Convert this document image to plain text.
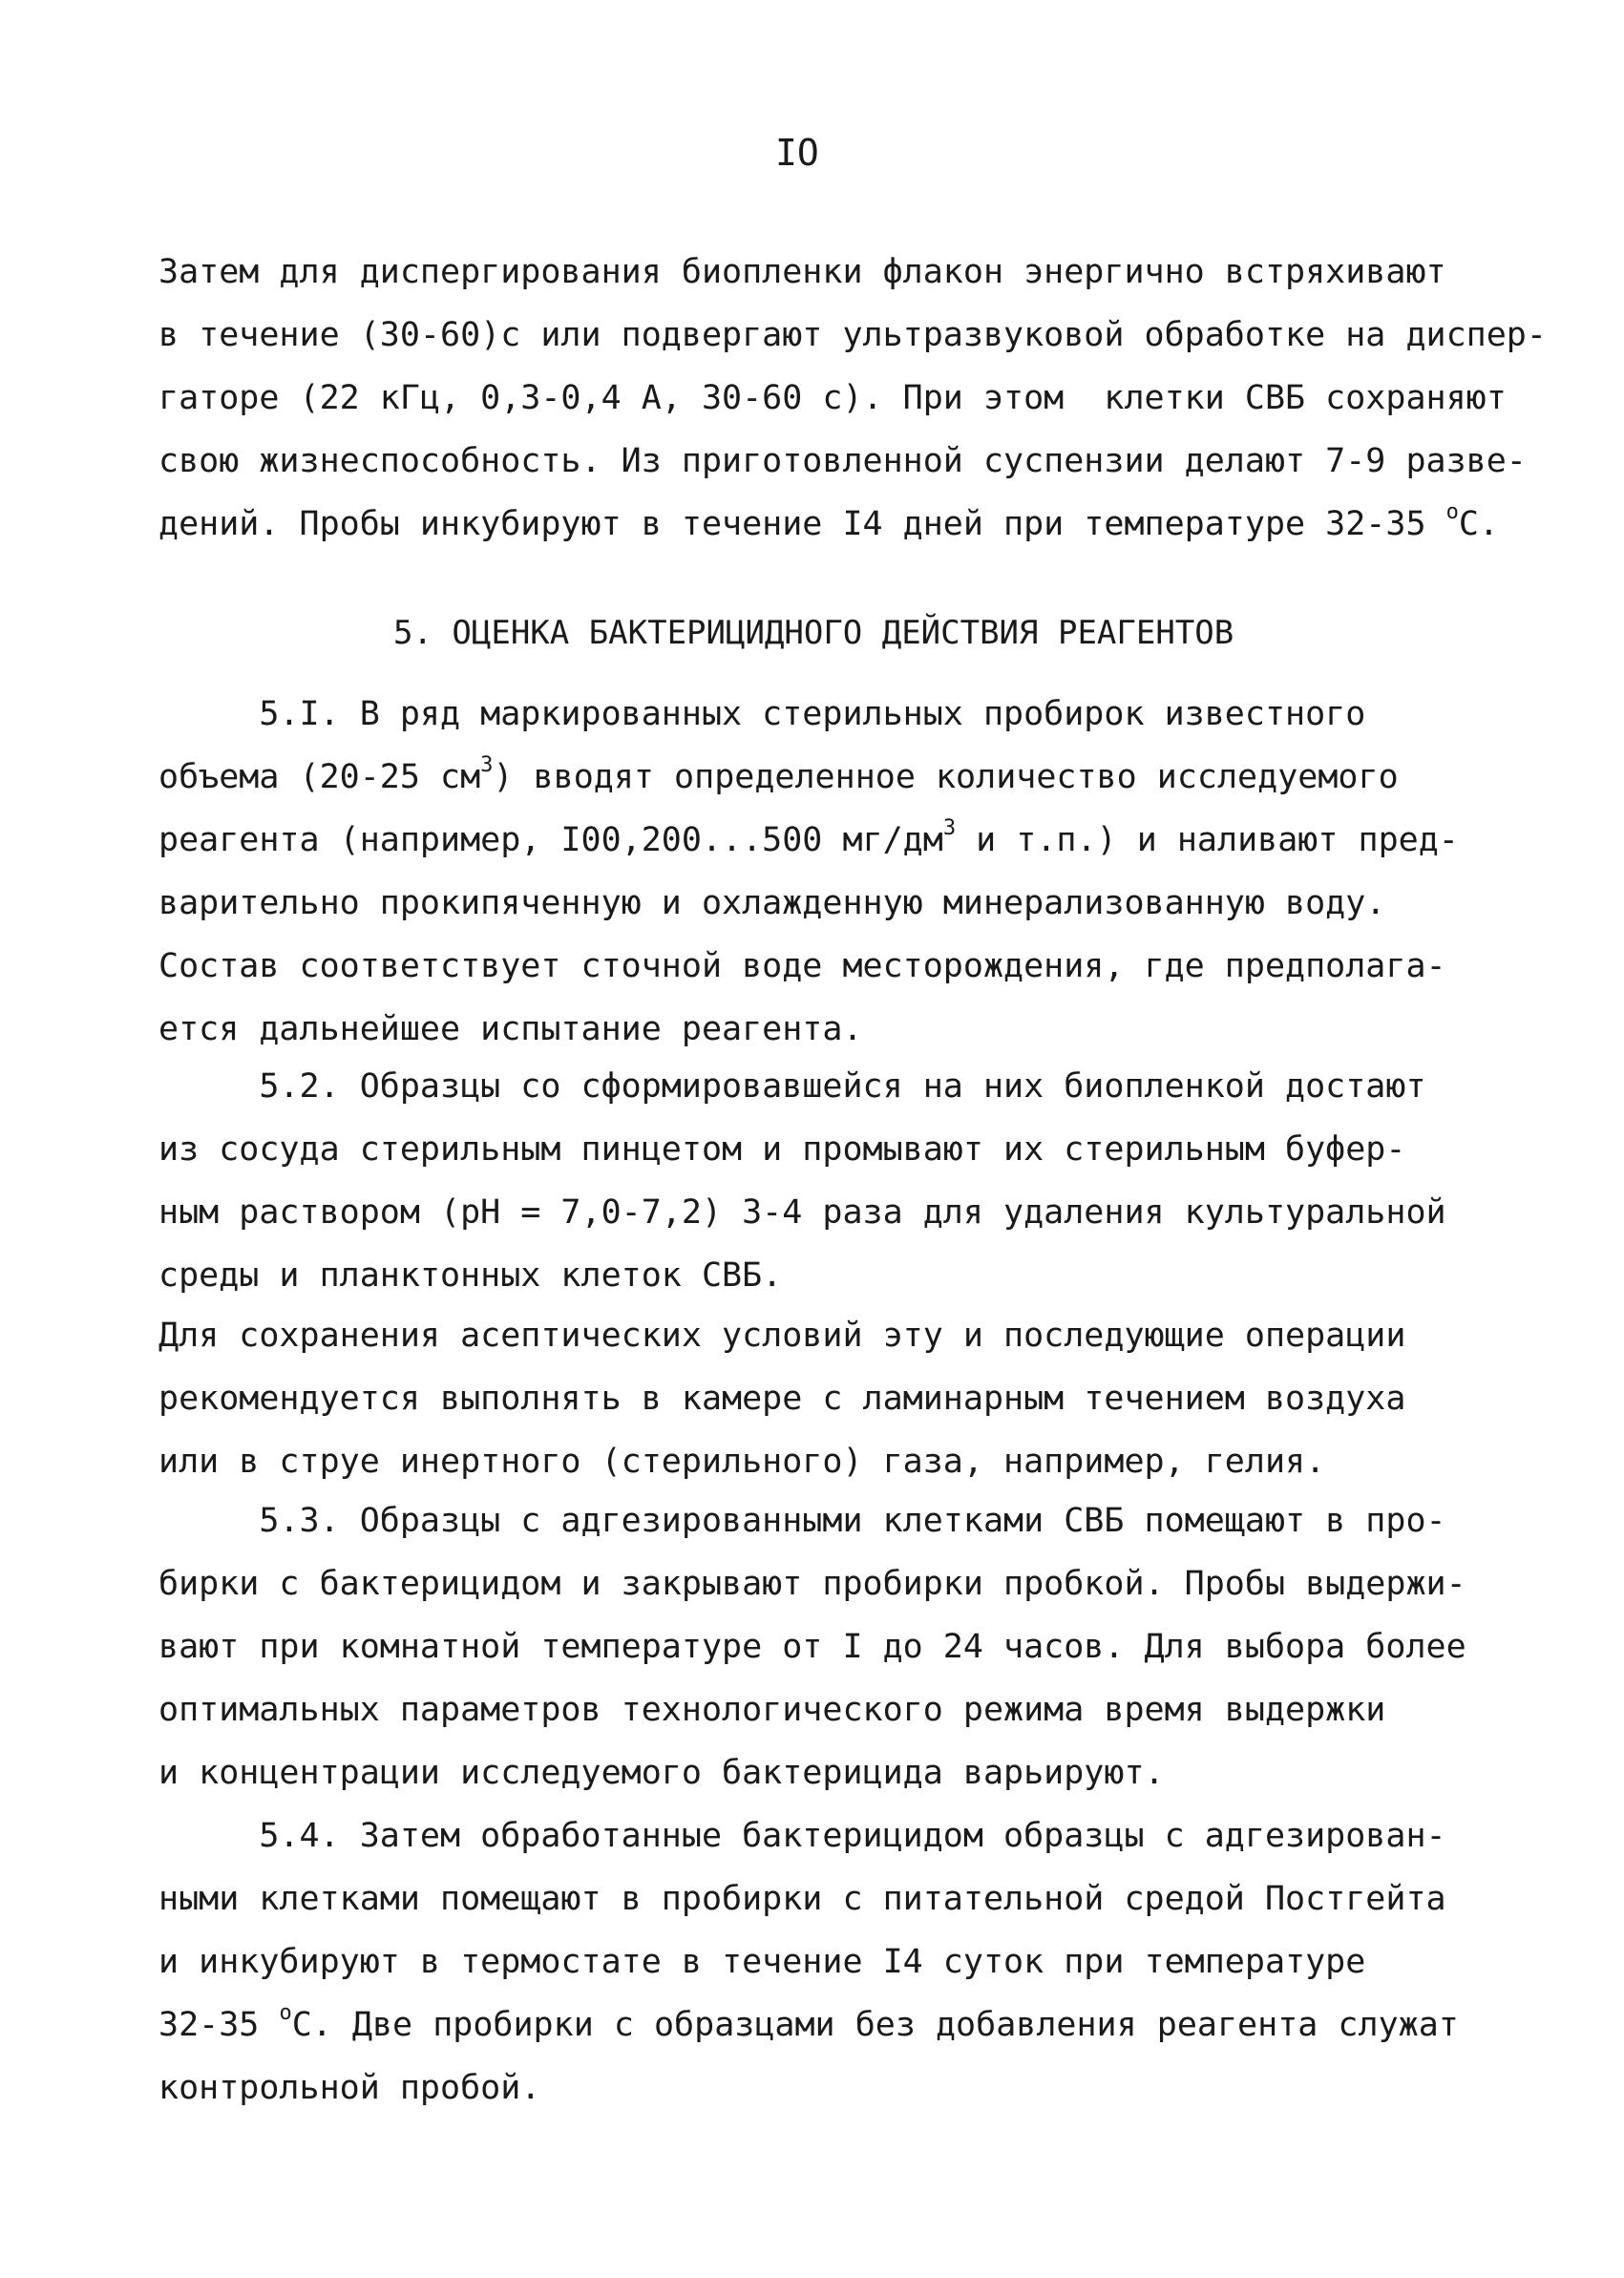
IO
Затем для диспергирования биопленки флакон энергично встряхивают
в течение (30-60)с или подвергают ультразвуковой обработке на диспер-
гаторе (22 кГц, 0,3-0,4 А, 30-60 с). При этом  клетки СВБ сохраняют
свою жизнеспособность. Из приготовленной суспензии делают 7-9 разве-
дений. Пробы инкубируют в течение I4 дней при температуре 32-35 $^о$С.
5. ОЦЕНКА БАКТЕРИЦИДНОГО ДЕЙСТВИЯ РЕАГЕНТОВ
5.I. В ряд маркированных стерильных пробирок известного
объема (20-25 $см^3$) вводят определенное количество исследуемого
реагента (например, I00,200...500 $мг/дм^3$ и т.п.) и наливают пред-
варительно прокипяченную и охлажденную минерализованную воду.
Состав соответствует сточной воде месторождения, где предполага-
ется дальнейшее испытание реагента.
5.2. Образцы со сформировавшейся на них биопленкой достают
из сосуда стерильным пинцетом и промывают их стерильным буфер-
ным раствором (рН = 7,0-7,2) 3-4 раза для удаления культуральной
среды и планктонных клеток СВБ.
Для сохранения асептических условий эту и последующие операции
рекомендуется выполнять в камере с ламинарным течением воздуха
или в струе инертного (стерильного) газа, например, гелия.
5.3. Образцы с адгезированными клетками СВБ помещают в про-
бирки с бактерицидом и закрывают пробирки пробкой. Пробы выдержи-
вают при комнатной температуре от I до 24 часов. Для выбора более
оптимальных параметров технологического режима время выдержки
и концентрации исследуемого бактерицида варьируют.
5.4. Затем обработанные бактерицидом образцы с адгезирован-
ными клетками помещают в пробирки с питательной средой Постгейта
и инкубируют в термостате в течение I4 суток при температуре
32-35 $^о$С. Две пробирки с образцами без добавления реагента служат
контрольной пробой.
